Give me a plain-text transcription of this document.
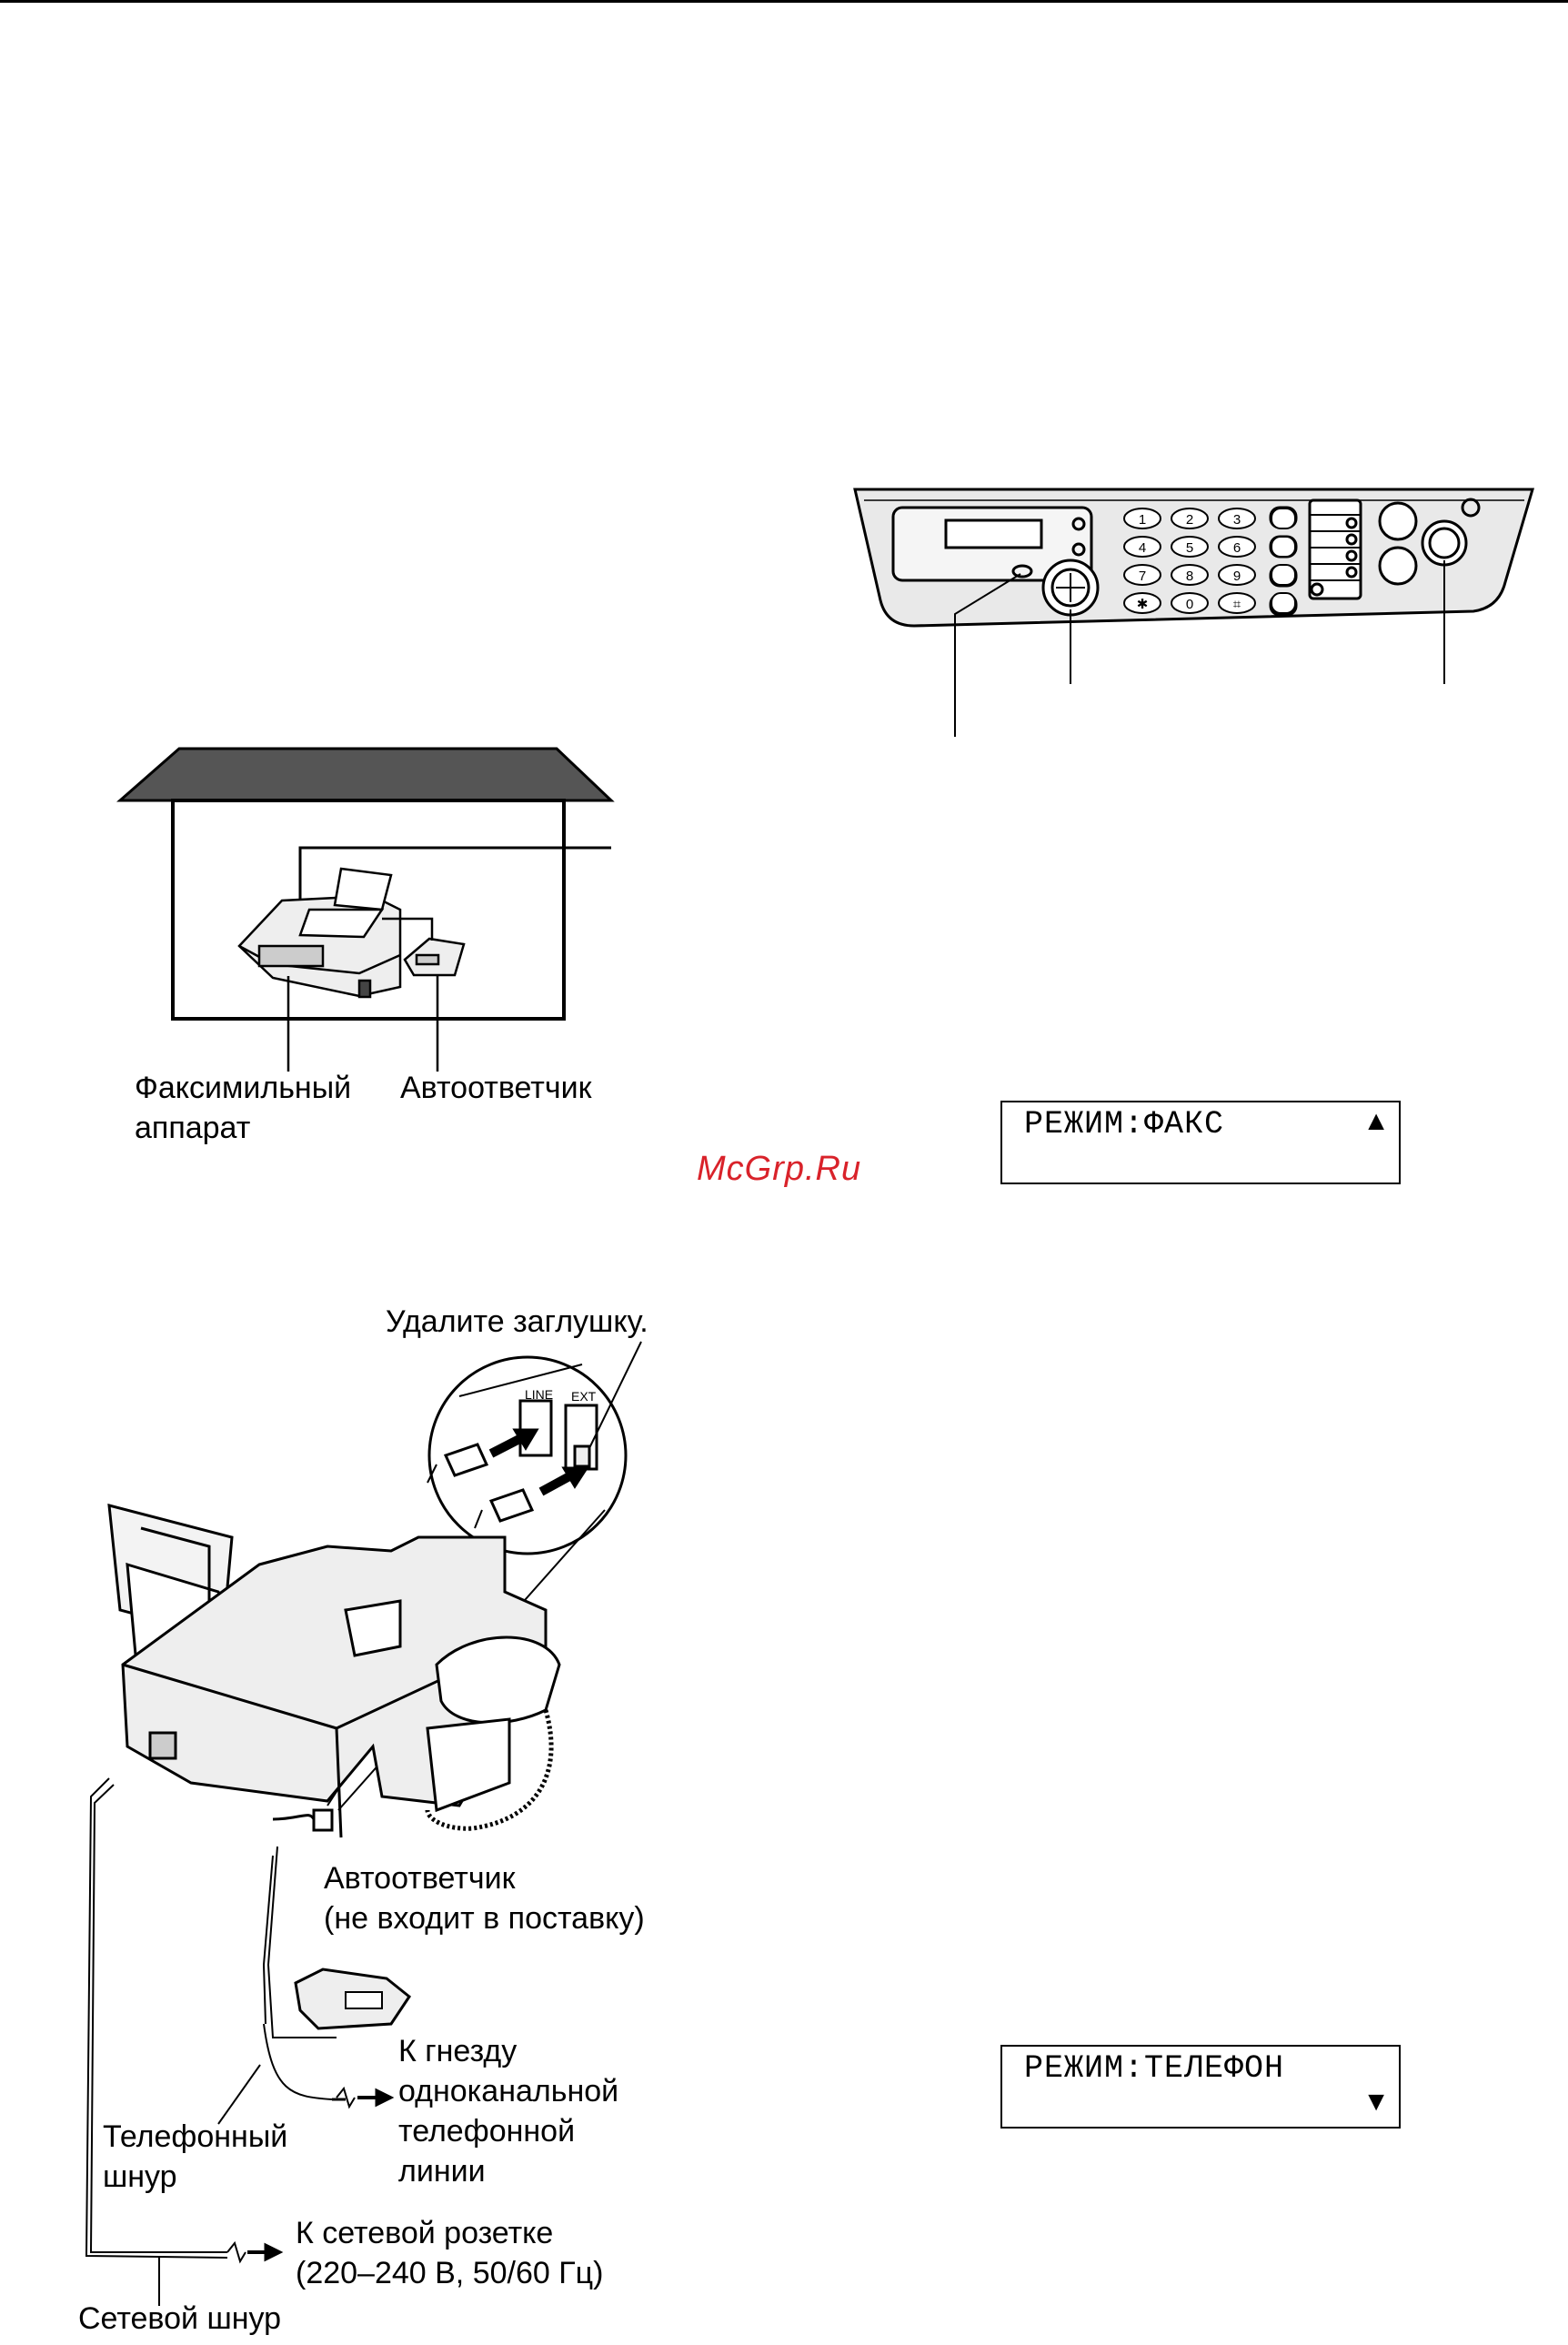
1	2	3
4	5	6
7	8	9
✱	0	⌗
Факсимильный
аппарат
Автоответчик
McGrp.Ru
РЕЖИМ:ФАКС	▲
РЕЖИМ:ТЕЛЕФОН
▼
LINE EXT
Удалите заглушку.
Автоответчик
(не входит в поставку)
К гнезду
одноканальной
телефонной
линии
Телефонный
шнур
К сетевой розетке
(220–240 В, 50/60 Гц)
Сетевой шнур
